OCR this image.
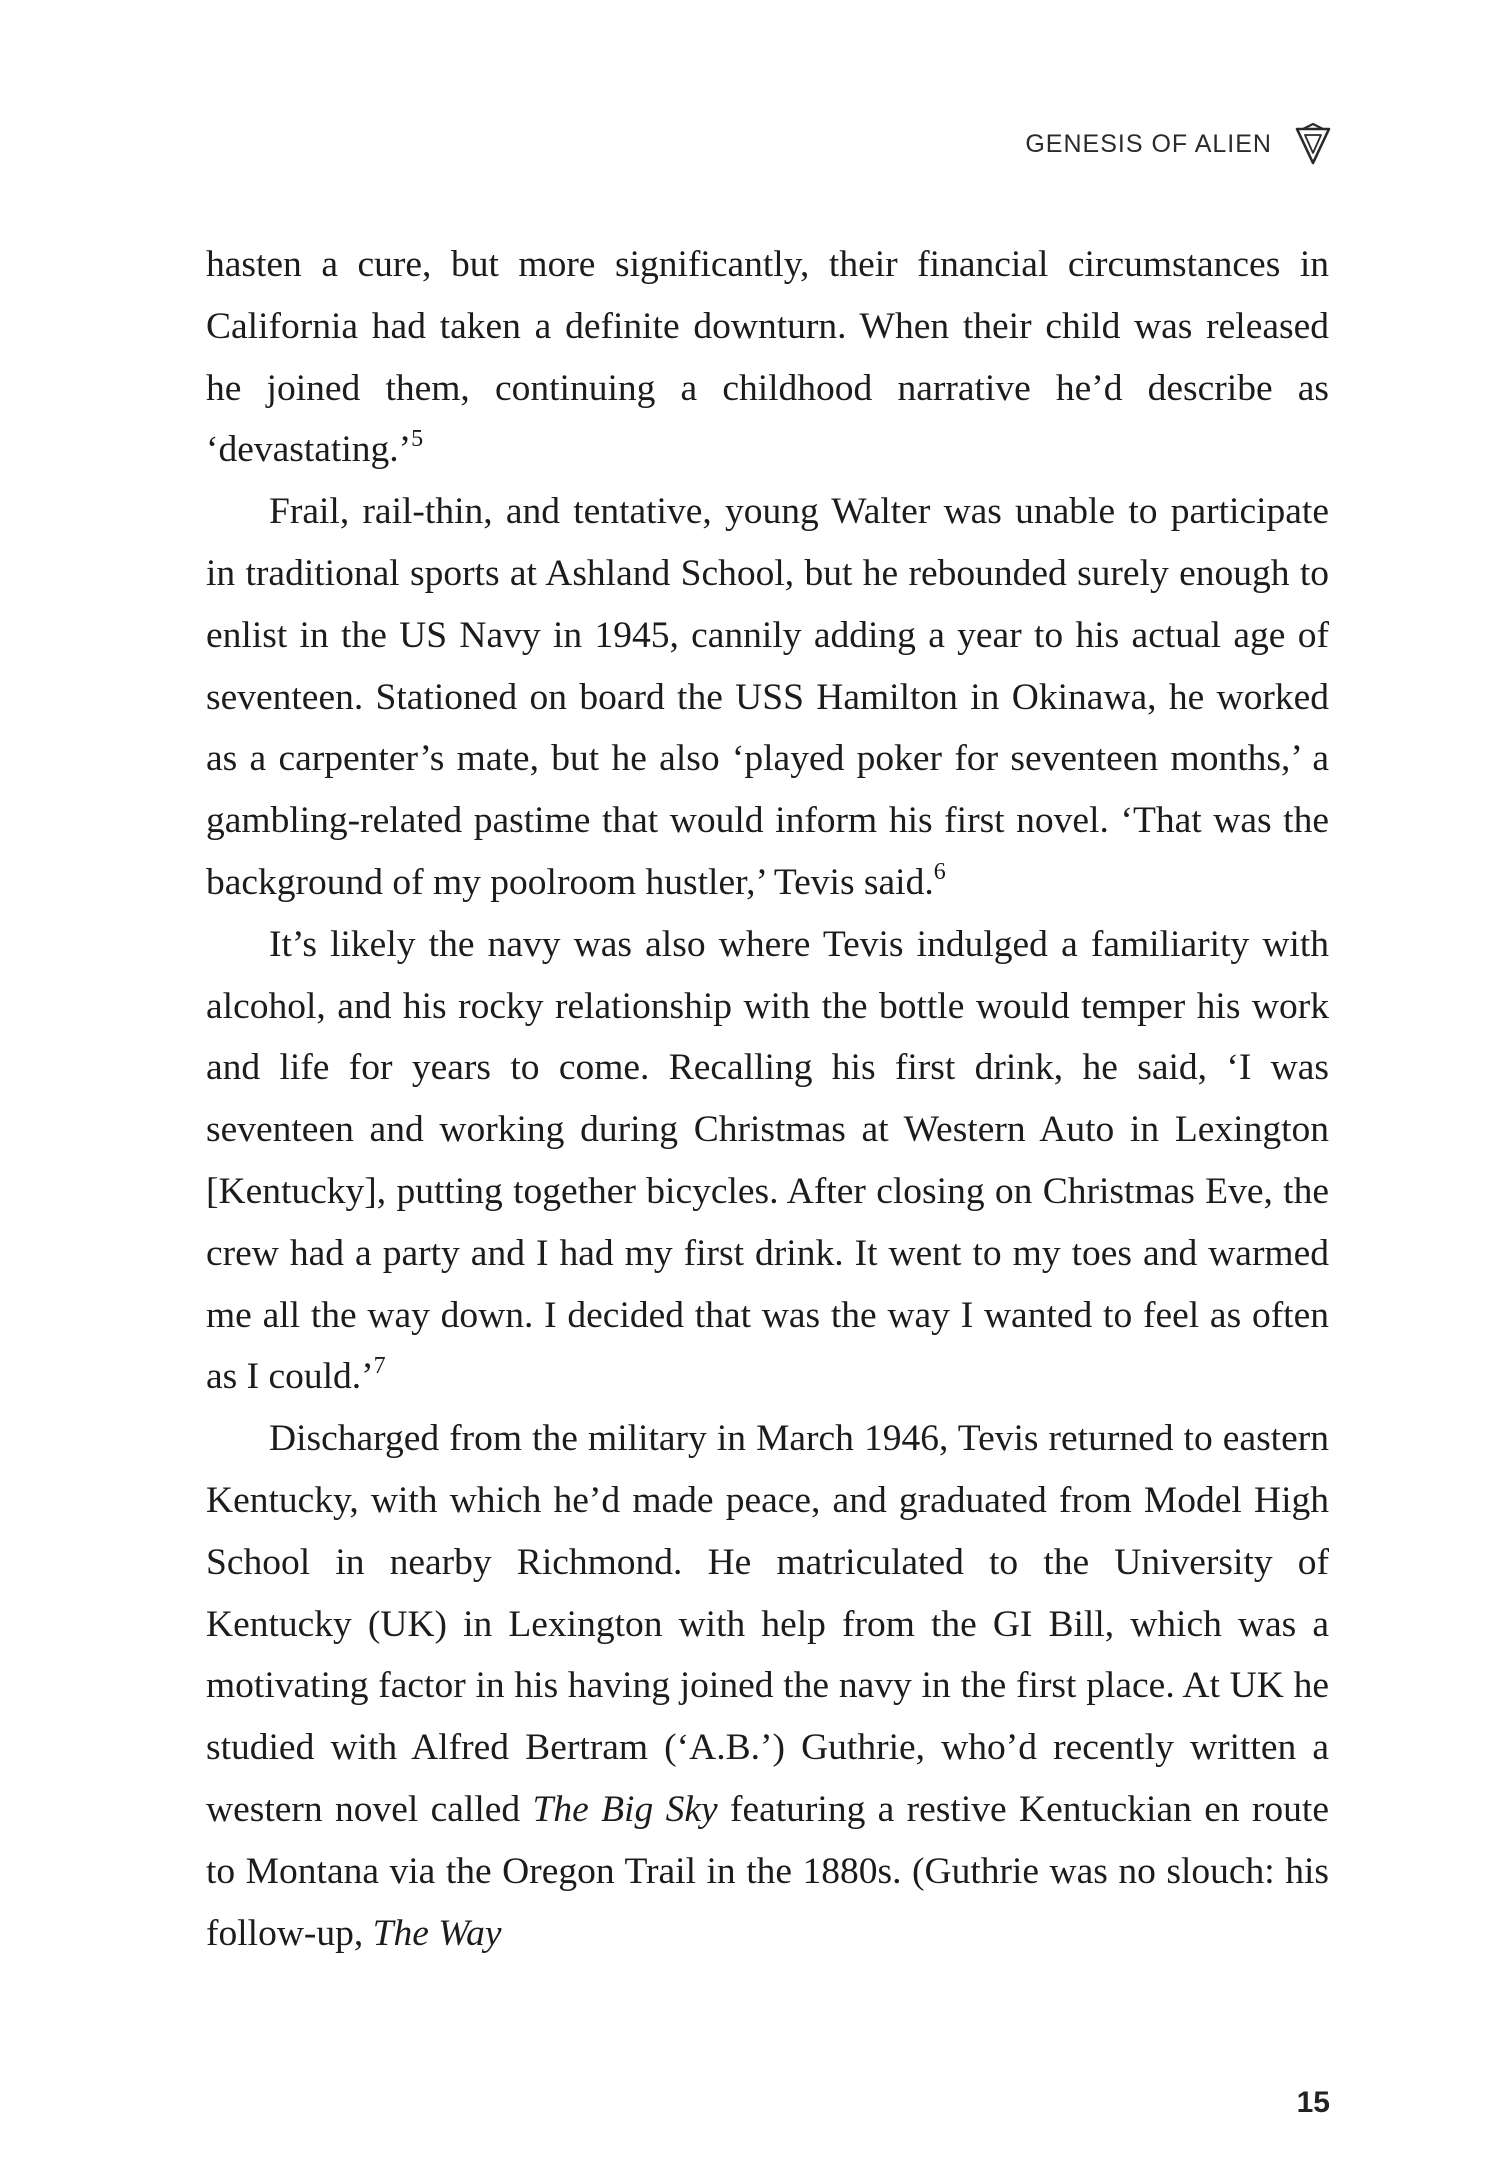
GENESIS OF ALIEN

hasten a cure, but more significantly, their financial circumstances in California had taken a definite downturn. When their child was released he joined them, continuing a childhood narrative he’d describe as ‘devastating.’$^5$

Frail, rail-thin, and tentative, young Walter was unable to participate in traditional sports at Ashland School, but he rebounded surely enough to enlist in the US Navy in 1945, cannily adding a year to his actual age of seventeen. Stationed on board the USS Hamilton in Okinawa, he worked as a carpenter’s mate, but he also ‘played poker for seventeen months,’ a gambling-related pastime that would inform his first novel. ‘That was the background of my poolroom hustler,’ Tevis said.$^6$

It’s likely the navy was also where Tevis indulged a familiarity with alcohol, and his rocky relationship with the bottle would temper his work and life for years to come. Recalling his first drink, he said, ‘I was seventeen and working during Christmas at Western Auto in Lexington [Kentucky], putting together bicycles. After closing on Christmas Eve, the crew had a party and I had my first drink. It went to my toes and warmed me all the way down. I decided that was the way I wanted to feel as often as I could.’$^7$

Discharged from the military in March 1946, Tevis returned to eastern Kentucky, with which he’d made peace, and graduated from Model High School in nearby Richmond. He matriculated to the University of Kentucky (UK) in Lexington with help from the GI Bill, which was a motivating factor in his having joined the navy in the first place. At UK he studied with Alfred Bertram (‘A.B.’) Guthrie, who’d recently written a western novel called The Big Sky featuring a restive Kentuckian en route to Montana via the Oregon Trail in the 1880s. (Guthrie was no slouch: his follow-up, The Way

15
